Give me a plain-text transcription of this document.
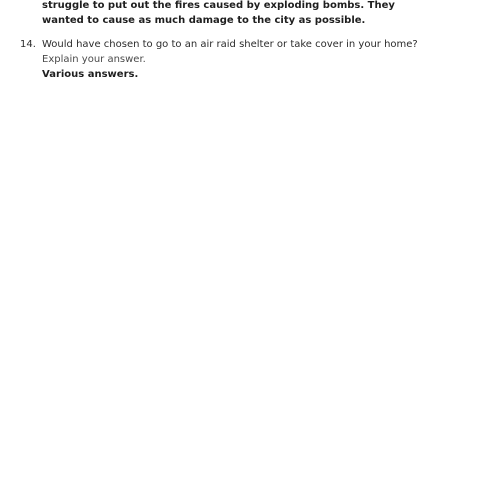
struggle to put out the fires caused by exploding bombs. They
wanted to cause as much damage to the city as possible.
14. Would have chosen to go to an air raid shelter or take cover in your home?
Explain your answer.
Various answers.
